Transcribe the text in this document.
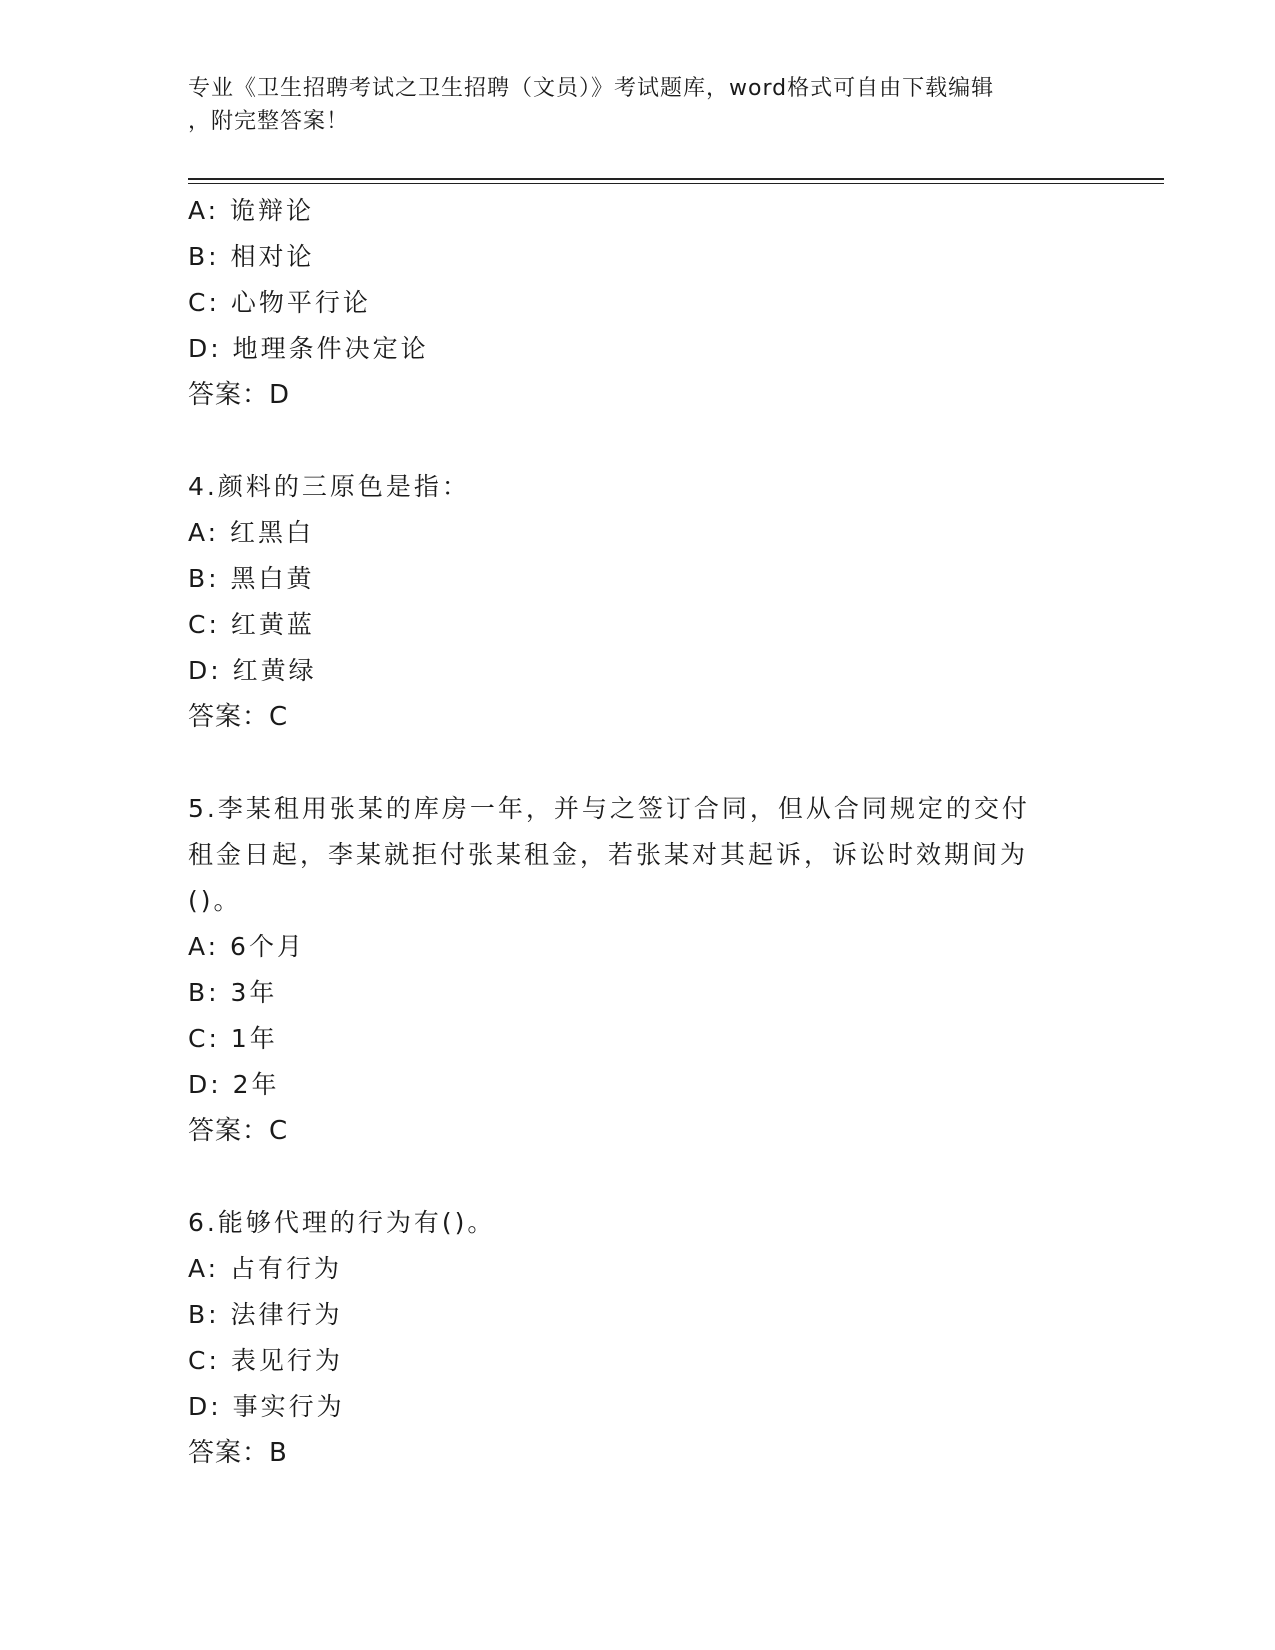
专业《卫生招聘考试之卫生招聘（文员）》考试题库，word格式可自由下载编辑
，附完整答案！
A: 诡辩论
B: 相对论
C: 心物平行论
D: 地理条件决定论
答案：D
4.颜料的三原色是指：
A: 红黑白
B: 黑白黄
C: 红黄蓝
D: 红黄绿
答案：C
5.李某租用张某的库房一年，并与之签订合同，但从合同规定的交付
租金日起，李某就拒付张某租金，若张某对其起诉，诉讼时效期间为
()。
A: 6个月
B: 3年
C: 1年
D: 2年
答案：C
6.能够代理的行为有()。
A: 占有行为
B: 法律行为
C: 表见行为
D: 事实行为
答案：B
